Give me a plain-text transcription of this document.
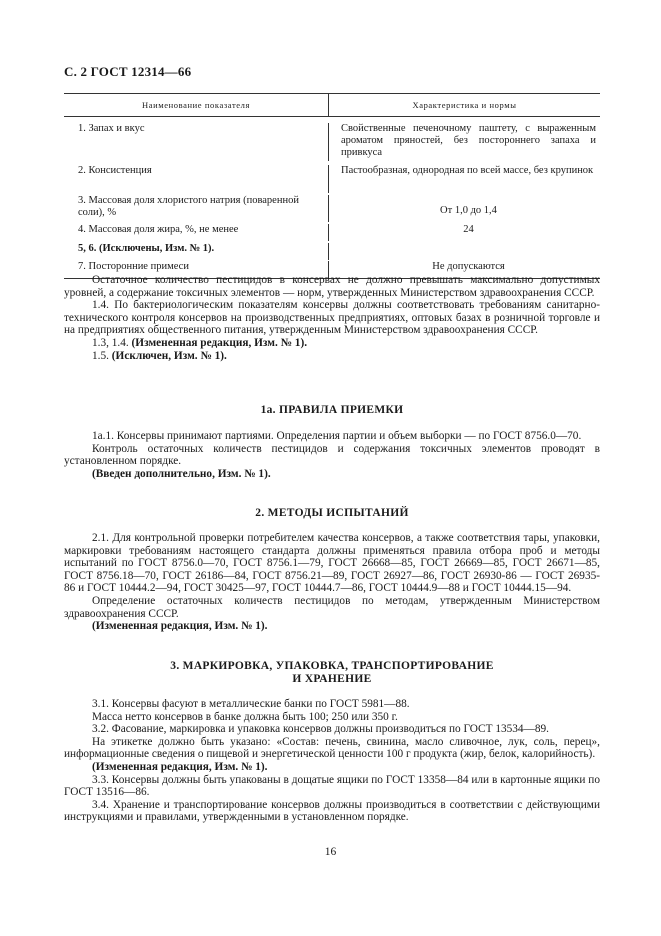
С. 2 ГОСТ 12314—66
Наименование показателя	Характеристика и нормы
1. Запах и вкус	Свойственные печеночному паштету, с выраженным ароматом пряностей, без постороннего запаха и привкуса
2. Консистенция	Пастообразная, однородная по всей массе, без крупинок
3. Массовая доля хлористого натрия (поваренной соли), %	От 1,0 до 1,4
4. Массовая доля жира, %, не менее	24
5, 6. (Исключены, Изм. № 1).
7. Посторонние примеси	Не допускаются

Остаточное количество пестицидов в консервах не должно превышать максимально допустимых уровней, а содержание токсичных элементов — норм, утвержденных Министерством здравоохранения СССР.

1.4. По бактериологическим показателям консервы должны соответствовать требованиям санитарно-технического контроля консервов на производственных предприятиях, оптовых базах в розничной торговле и на предприятиях общественного питания, утвержденным Министерством здравоохранения СССР.

1.3, 1.4. (Измененная редакция, Изм. № 1).

1.5. (Исключен, Изм. № 1).

1а. ПРАВИЛА ПРИЕМКИ

1а.1. Консервы принимают партиями. Определения партии и объем выборки — по ГОСТ 8756.0—70.

Контроль остаточных количеств пестицидов и содержания токсичных элементов проводят в установленном порядке.

(Введен дополнительно, Изм. № 1).

2. МЕТОДЫ ИСПЫТАНИЙ

2.1. Для контрольной проверки потребителем качества консервов, а также соответствия тары, упаковки, маркировки требованиям настоящего стандарта должны применяться правила отбора проб и методы испытаний по ГОСТ 8756.0—70, ГОСТ 8756.1—79, ГОСТ 26668—85, ГОСТ 26669—85, ГОСТ 26671—85, ГОСТ 8756.18—70, ГОСТ 26186—84, ГОСТ 8756.21—89, ГОСТ 26927—86, ГОСТ 26930-86 — ГОСТ 26935-86 и ГОСТ 10444.2—94, ГОСТ 30425—97, ГОСТ 10444.7—86, ГОСТ 10444.9—88 и ГОСТ 10444.15—94.

Определение остаточных количеств пестицидов по методам, утвержденным Министерством здравоохранения СССР.

(Измененная редакция, Изм. № 1).

3. МАРКИРОВКА, УПАКОВКА, ТРАНСПОРТИРОВАНИЕ
И ХРАНЕНИЕ

3.1. Консервы фасуют в металлические банки по ГОСТ 5981—88.

Масса нетто консервов в банке должна быть 100; 250 или 350 г.

3.2. Фасование, маркировка и упаковка консервов должны производиться по ГОСТ 13534—89.

На этикетке должно быть указано: «Состав: печень, свинина, масло сливочное, лук, соль, перец», информационные сведения о пищевой и энергетической ценности 100 г продукта (жир, белок, калорийность).

(Измененная редакция, Изм. № 1).

3.3. Консервы должны быть упакованы в дощатые ящики по ГОСТ 13358—84 или в картонные ящики по ГОСТ 13516—86.

3.4. Хранение и транспортирование консервов должны производиться в соответствии с действующими инструкциями и правилами, утвержденными в установленном порядке.

16
